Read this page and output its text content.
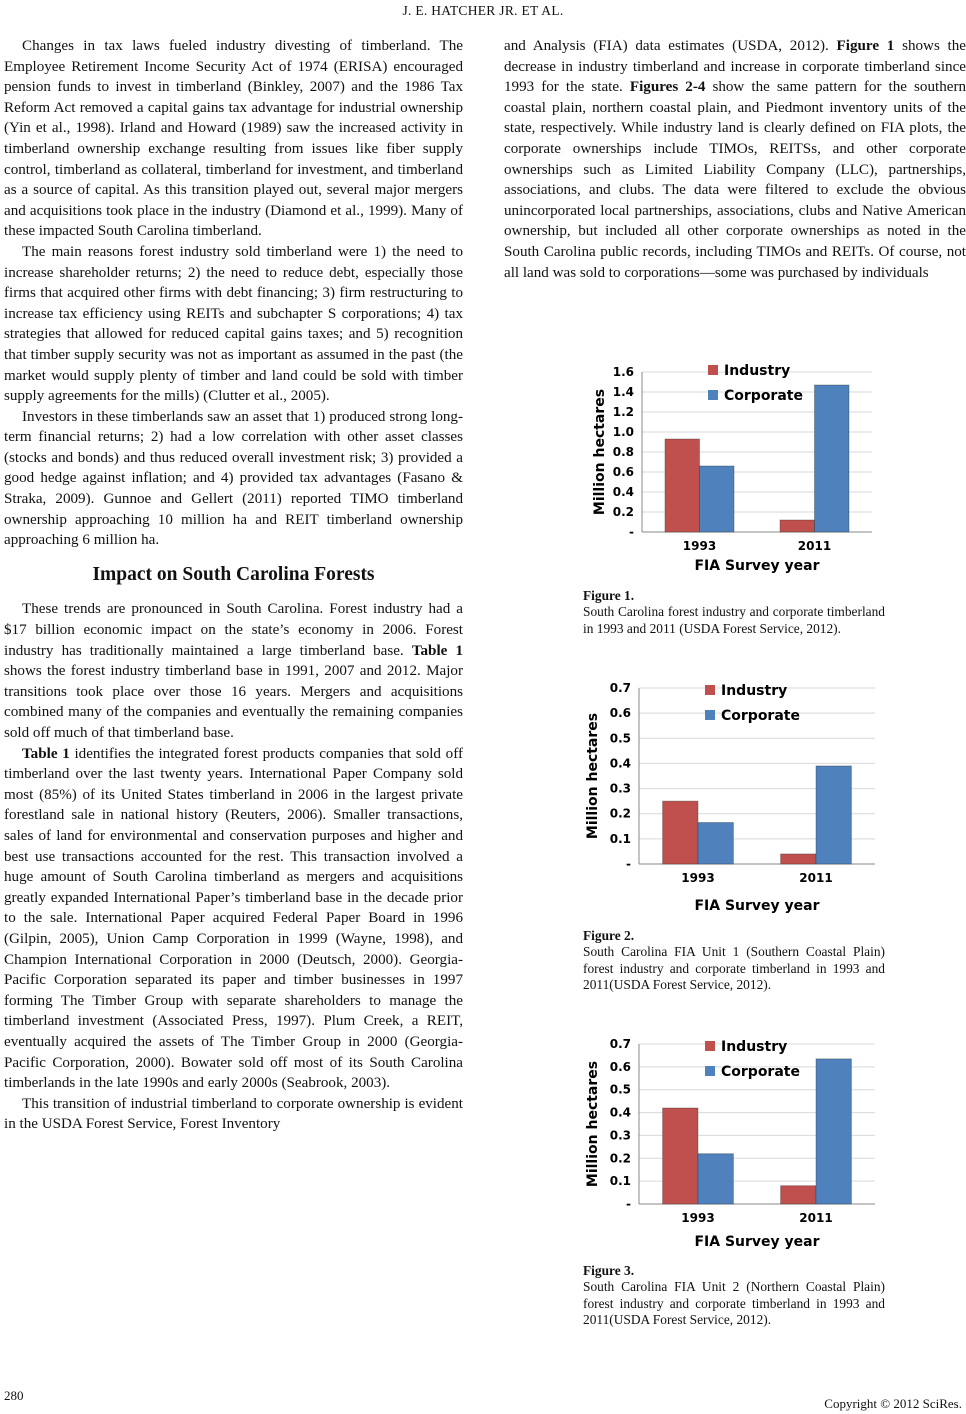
J. E. HATCHER JR. ET AL.

Changes in tax laws fueled industry divesting of timberland. The Employee Retirement Income Security Act of 1974 (ERISA) encouraged pension funds to invest in timberland (Binkley, 2007) and the 1986 Tax Reform Act removed a capital gains tax advantage for industrial ownership (Yin et al., 1998). Irland and Howard (1989) saw the increased activity in timberland ownership exchange resulting from issues like fiber supply control, timberland as collateral, timberland for investment, and timberland as a source of capital. As this transition played out, several major mergers and acquisitions took place in the industry (Diamond et al., 1999). Many of these impacted South Carolina timberland.

The main reasons forest industry sold timberland were 1) the need to increase shareholder returns; 2) the need to reduce debt, especially those firms that acquired other firms with debt financing; 3) firm restructuring to increase tax efficiency using REITs and subchapter S corporations; 4) tax strategies that allowed for reduced capital gains taxes; and 5) recognition that timber supply security was not as important as assumed in the past (the market would supply plenty of timber and land could be sold with timber supply agreements for the mills) (Clutter et al., 2005).

Investors in these timberlands saw an asset that 1) produced strong long-term financial returns; 2) had a low correlation with other asset classes (stocks and bonds) and thus reduced overall investment risk; 3) provided a good hedge against inflation; and 4) provided tax advantages (Fasano & Straka, 2009). Gunnoe and Gellert (2011) reported TIMO timberland ownership approaching 10 million ha and REIT timberland ownership approaching 6 million ha.

Impact on South Carolina Forests

These trends are pronounced in South Carolina. Forest industry had a $17 billion economic impact on the state’s economy in 2006. Forest industry has traditionally maintained a large timberland base. Table 1 shows the forest industry timberland base in 1991, 2007 and 2012. Major transitions took place over those 16 years. Mergers and acquisitions combined many of the companies and eventually the remaining companies sold off much of that timberland base.

Table 1 identifies the integrated forest products companies that sold off timberland over the last twenty years. International Paper Company sold most (85%) of its United States timberland in 2006 in the largest private forestland sale in national history (Reuters, 2006). Smaller transactions, sales of land for environmental and conservation purposes and higher and best use transactions accounted for the rest. This transaction involved a huge amount of South Carolina timberland as mergers and acquisitions greatly expanded International Paper’s timberland base in the decade prior to the sale. International Paper acquired Federal Paper Board in 1996 (Gilpin, 2005), Union Camp Corporation in 1999 (Wayne, 1998), and Champion International Corporation in 2000 (Deutsch, 2000). Georgia-Pacific Corporation separated its paper and timber businesses in 1997 forming The Timber Group with separate shareholders to manage the timberland investment (Associated Press, 1997). Plum Creek, a REIT, eventually acquired the assets of The Timber Group in 2000 (Georgia-Pacific Corporation, 2000). Bowater sold off most of its South Carolina timberlands in the late 1990s and early 2000s (Seabrook, 2003).

This transition of industrial timberland to corporate ownership is evident in the USDA Forest Service, Forest Inventory

and Analysis (FIA) data estimates (USDA, 2012). Figure 1 shows the decrease in industry timberland and increase in corporate timberland since 1993 for the state. Figures 2-4 show the same pattern for the southern coastal plain, northern coastal plain, and Piedmont inventory units of the state, respectively. While industry land is clearly defined on FIA plots, the corporate ownerships include TIMOs, REITSs, and other corporate ownerships such as Limited Liability Company (LLC), partnerships, associations, and clubs. The data were filtered to exclude the obvious unincorporated local partnerships, associations, clubs and Native American ownership, but included all other corporate ownerships as noted in the South Carolina public records, including TIMOs and REITs. Of course, not all land was sold to corporations—some was purchased by individuals

-
0.2
0.4
0.6
0.8
1.0
1.2
1.4
1.6
1993	2011
Industry
Corporate
FIA Survey year
Million hectares
Figure 1.
South Carolina forest industry and corporate timberland in 1993 and 2011 (USDA Forest Service, 2012).
-
0.1
0.2
0.3
0.4
0.5
0.6
0.7
1993	2011
Industry
Corporate
FIA Survey year
Million hectares
Figure 2.
South Carolina FIA Unit 1 (Southern Coastal Plain) forest industry and corporate timberland in 1993 and 2011(USDA Forest Service, 2012).
-
0.1
0.2
0.3
0.4
0.5
0.6
0.7
1993	2011
Industry
Corporate
FIA Survey year
Million hectares
Figure 3.
South Carolina FIA Unit 2 (Northern Coastal Plain) forest industry and corporate timberland in 1993 and 2011(USDA Forest Service, 2012).
280
Copyright © 2012 SciRes.
